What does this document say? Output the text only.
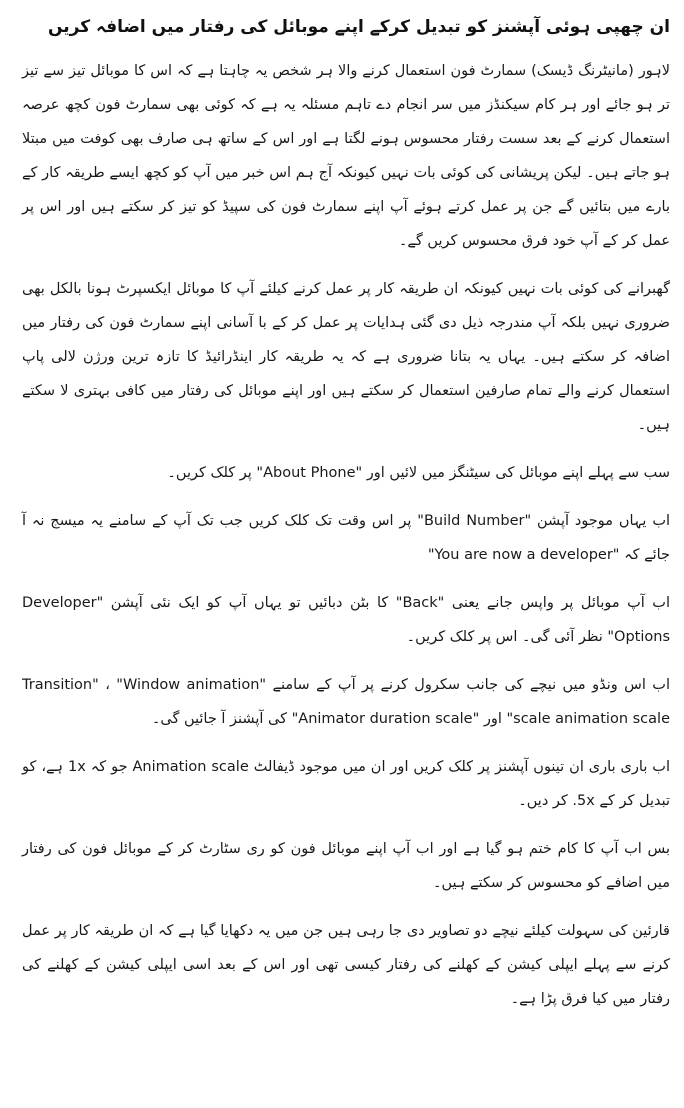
ان چھپی ہوئی آپشنز کو تبدیل کرکے اپنے موبائل کی رفتار میں اضافہ کریں

لاہور (مانیٹرنگ ڈیسک) سمارٹ فون استعمال کرنے والا ہر شخص یہ چاہتا ہے کہ اس کا موبائل تیز سے تیز تر ہو جائے اور ہر کام سیکنڈز میں سر انجام دے تاہم مسئلہ یہ ہے کہ کوئی بھی سمارٹ فون کچھ عرصہ استعمال کرنے کے بعد سست رفتار محسوس ہونے لگتا ہے اور اس کے ساتھ ہی صارف بھی کوفت میں مبتلا ہو جاتے ہیں۔ لیکن پریشانی کی کوئی بات نہیں کیونکہ آج ہم اس خبر میں آپ کو کچھ ایسے طریقہ کار کے بارے میں بتائیں گے جن پر عمل کرتے ہوئے آپ اپنے سمارٹ فون کی سپیڈ کو تیز کر سکتے ہیں اور اس پر عمل کر کے آپ خود فرق محسوس کریں گے۔

گھبرانے کی کوئی بات نہیں کیونکہ ان طریقہ کار پر عمل کرنے کیلئے آپ کا موبائل ایکسپرٹ ہونا بالکل بھی ضروری نہیں بلکہ آپ مندرجہ ذیل دی گئی ہدایات پر عمل کر کے با آسانی اپنے سمارٹ فون کی رفتار میں اضافہ کر سکتے ہیں۔ یہاں یہ بتانا ضروری ہے کہ یہ طریقہ کار اینڈرائیڈ کا تازہ ترین ورژن لالی پاپ استعمال کرنے والے تمام صارفین استعمال کر سکتے ہیں اور اپنے موبائل کی رفتار میں کافی بہتری لا سکتے ہیں۔

سب سے پہلے اپنے موبائل کی سیٹنگز میں لائیں اور "About Phone" پر کلک کریں۔

اب یہاں موجود آپشن "Build Number" پر اس وقت تک کلک کریں جب تک آپ کے سامنے یہ میسج نہ آ جائے کہ "You are now a developer"

اب آپ موبائل پر واپس جانے یعنی "Back" کا بٹن دبائیں تو یہاں آپ کو ایک نئی آپشن "Developer Options" نظر آئی گی۔ اس پر کلک کریں۔

اب اس ونڈو میں نیچے کی جانب سکرول کرنے پر آپ کے سامنے "Transition" ، "Window animation scale animation scale" اور "Animator duration scale" کی آپشنز آ جائیں گی۔

اب باری باری ان تینوں آپشنز پر کلک کریں اور ان میں موجود ڈیفالٹ Animation scale جو کہ 1x ہے، کو تبدیل کر کے 5x. کر دیں۔

بس اب آپ کا کام ختم ہو گیا ہے اور اب آپ اپنے موبائل فون کو ری سٹارٹ کر کے موبائل فون کی رفتار میں اضافے کو محسوس کر سکتے ہیں۔

قارئین کی سہولت کیلئے نیچے دو تصاویر دی جا رہی ہیں جن میں یہ دکھایا گیا ہے کہ ان طریقہ کار پر عمل کرنے سے پہلے ایپلی کیشن کے کھلنے کی رفتار کیسی تھی اور اس کے بعد اسی ایپلی کیشن کے کھلنے کی رفتار میں کیا فرق پڑا ہے۔
